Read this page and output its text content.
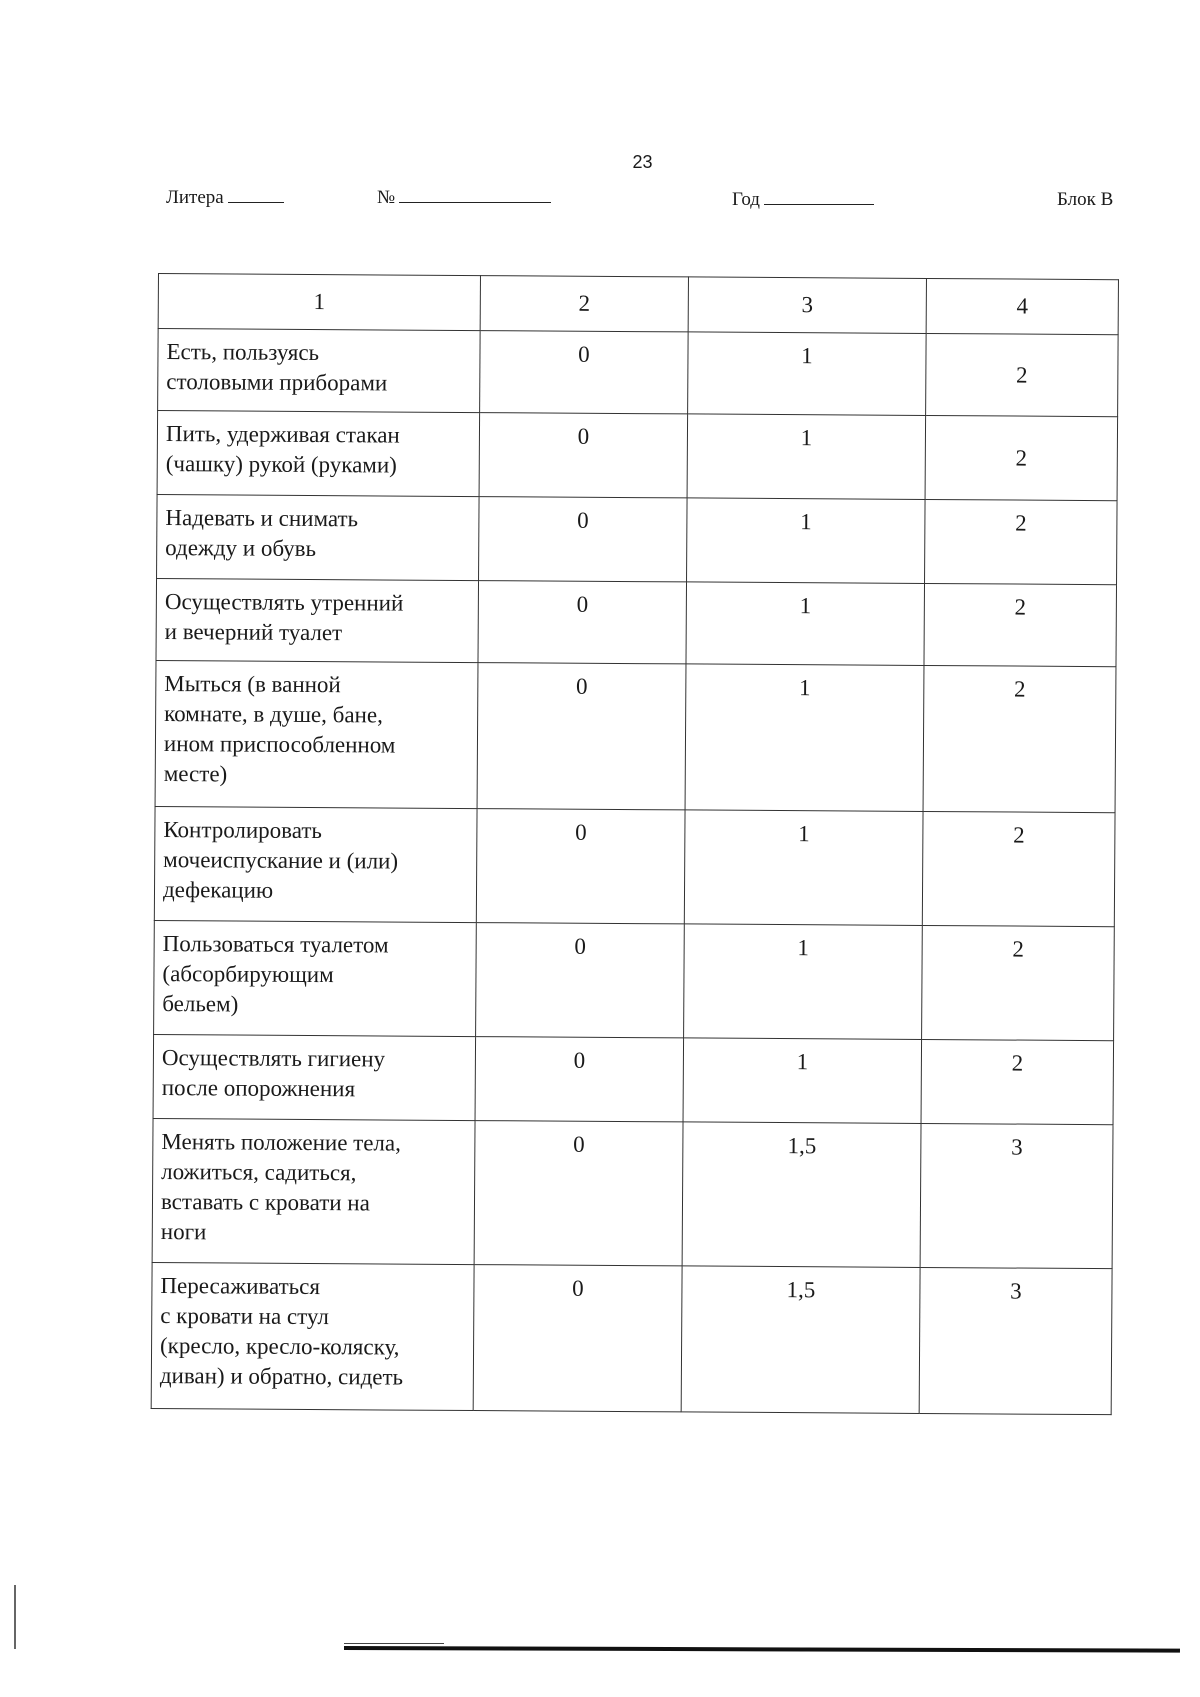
23
Литера	№	Год	Блок В
1	2	3	4
Есть, пользуясь
столовыми приборами	0	1	2
Пить, удерживая стакан
(чашку) рукой (руками)	0	1	2
Надевать и снимать
одежду и обувь	0	1	2
Осуществлять утренний
и вечерний туалет	0	1	2
Мыться (в ванной
комнате, в душе, бане,
ином приспособленном
месте)	0	1	2
Контролировать
мочеиспускание и (или)
дефекацию	0	1	2
Пользоваться туалетом
(абсорбирующим
бельем)	0	1	2
Осуществлять гигиену
после опорожнения	0	1	2
Менять положение тела,
ложиться, садиться,
вставать с кровати на
ноги	0	1,5	3
Пересаживаться
с кровати на стул
(кресло, кресло-коляску,
диван) и обратно, сидеть	0	1,5	3
